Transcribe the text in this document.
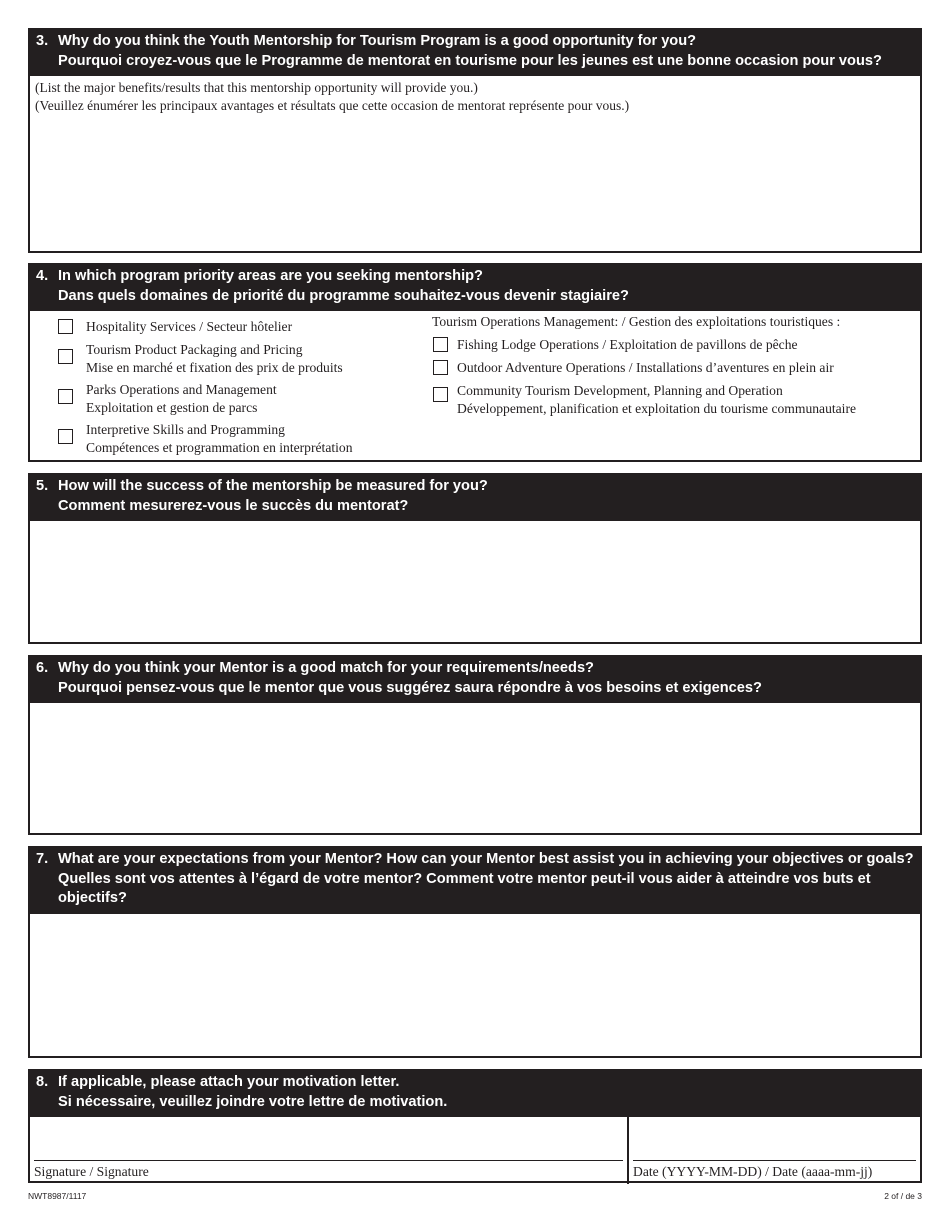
3. Why do you think the Youth Mentorship for Tourism Program is a good opportunity for you?
Pourquoi croyez-vous que le Programme de mentorat en tourisme pour les jeunes est une bonne occasion pour vous?
(List the major benefits/results that this mentorship opportunity will provide you.)
(Veuillez énumérer les principaux avantages et résultats que cette occasion de mentorat représente pour vous.)
4. In which program priority areas are you seeking mentorship?
Dans quels domaines de priorité du programme souhaitez-vous devenir stagiaire?
Hospitality Services / Secteur hôtelier
Tourism Product Packaging and Pricing
Mise en marché et fixation des prix de produits
Parks Operations and Management
Exploitation et gestion de parcs
Interpretive Skills and Programming
Compétences et programmation en interprétation
Tourism Operations Management: / Gestion des exploitations touristiques :
Fishing Lodge Operations / Exploitation de pavillons de pêche
Outdoor Adventure Operations / Installations d’aventures en plein air
Community Tourism Development, Planning and Operation
Développement, planification et exploitation du tourisme communautaire
5. How will the success of the mentorship be measured for you?
Comment mesurerez-vous le succès du mentorat?
6. Why do you think your Mentor is a good match for your requirements/needs?
Pourquoi pensez-vous que le mentor que vous suggérez saura répondre à vos besoins et exigences?
7. What are your expectations from your Mentor? How can your Mentor best assist you in achieving your objectives or goals?
Quelles sont vos attentes à l’égard de votre mentor? Comment votre mentor peut-il vous aider à atteindre vos buts et
objectifs?
8. If applicable, please attach your motivation letter.
Si nécessaire, veuillez joindre votre lettre de motivation.
Signature / Signature	Date (YYYY-MM-DD) / Date (aaaa-mm-jj)
NWT8987/1117	2 of / de 3
